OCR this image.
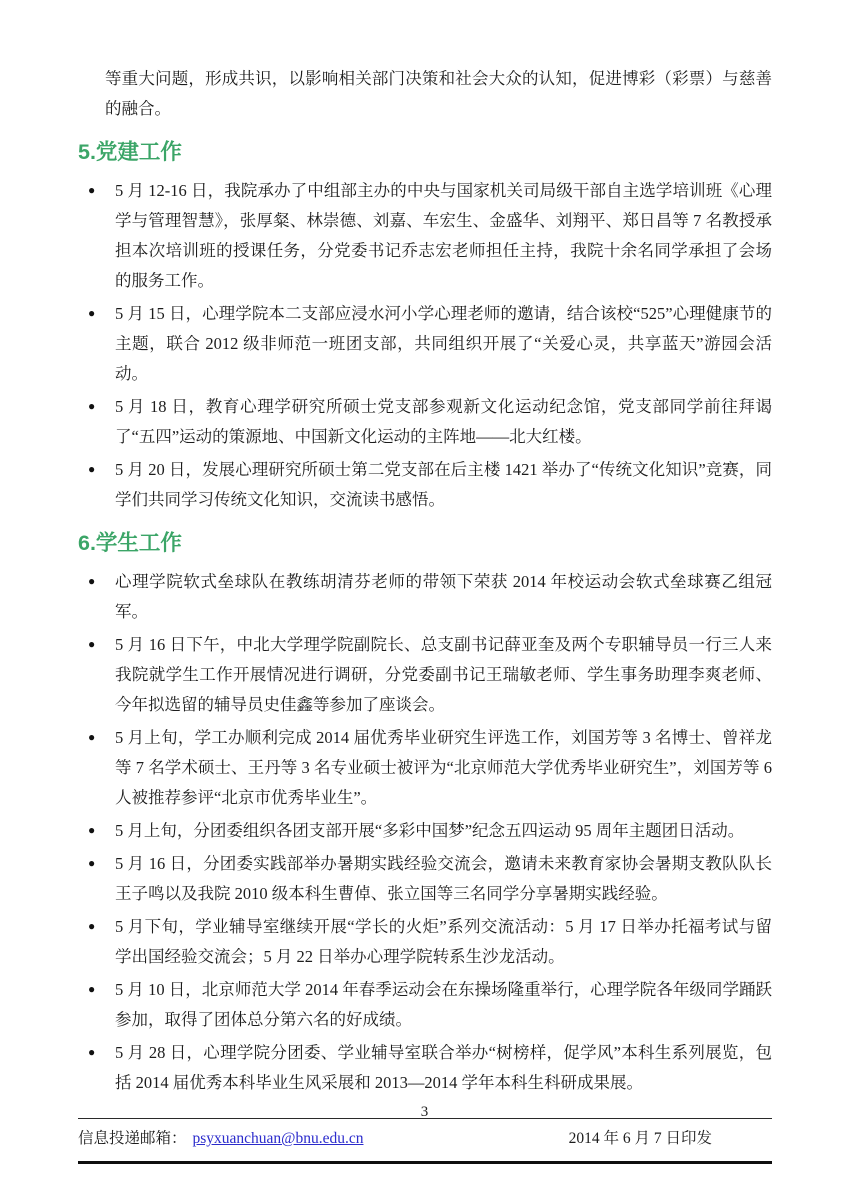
等重大问题，形成共识，以影响相关部门决策和社会大众的认知，促进博彩（彩票）与慈善的融合。

5.党建工作
● 5 月 12-16 日，我院承办了中组部主办的中央与国家机关司局级干部自主选学培训班《心理学与管理智慧》，张厚粲、林崇德、刘嘉、车宏生、金盛华、刘翔平、郑日昌等 7 名教授承担本次培训班的授课任务，分党委书记乔志宏老师担任主持，我院十余名同学承担了会场的服务工作。
● 5 月 15 日，心理学院本二支部应浸水河小学心理老师的邀请，结合该校“525”心理健康节的主题，联合 2012 级非师范一班团支部，共同组织开展了“关爱心灵，共享蓝天”游园会活动。
● 5 月 18 日，教育心理学研究所硕士党支部参观新文化运动纪念馆，党支部同学前往拜谒了“五四”运动的策源地、中国新文化运动的主阵地——北大红楼。
● 5 月 20 日，发展心理研究所硕士第二党支部在后主楼 1421 举办了“传统文化知识”竞赛，同学们共同学习传统文化知识，交流读书感悟。
6.学生工作
● 心理学院软式垒球队在教练胡清芬老师的带领下荣获 2014 年校运动会软式垒球赛乙组冠军。
● 5 月 16 日下午，中北大学理学院副院长、总支副书记薛亚奎及两个专职辅导员一行三人来我院就学生工作开展情况进行调研，分党委副书记王瑞敏老师、学生事务助理李爽老师、今年拟选留的辅导员史佳鑫等参加了座谈会。
● 5 月上旬，学工办顺利完成 2014 届优秀毕业研究生评选工作，刘国芳等 3 名博士、曾祥龙等 7 名学术硕士、王丹等 3 名专业硕士被评为“北京师范大学优秀毕业研究生”，刘国芳等 6 人被推荐参评“北京市优秀毕业生”。
● 5 月上旬，分团委组织各团支部开展“多彩中国梦”纪念五四运动 95 周年主题团日活动。
● 5 月 16 日，分团委实践部举办暑期实践经验交流会，邀请未来教育家协会暑期支教队队长王子鸣以及我院 2010 级本科生曹倬、张立国等三名同学分享暑期实践经验。
● 5 月下旬，学业辅导室继续开展“学长的火炬”系列交流活动：5 月 17 日举办托福考试与留学出国经验交流会；5 月 22 日举办心理学院转系生沙龙活动。
● 5 月 10 日，北京师范大学 2014 年春季运动会在东操场隆重举行，心理学院各年级同学踊跃参加，取得了团体总分第六名的好成绩。
● 5 月 28 日，心理学院分团委、学业辅导室联合举办“树榜样，促学风”本科生系列展览，包括 2014 届优秀本科毕业生风采展和 2013—2014 学年本科生科研成果展。
信息投递邮箱： psyxuanchuan@bnu.edu.cn	2014 年 6 月 7 日印发
3
